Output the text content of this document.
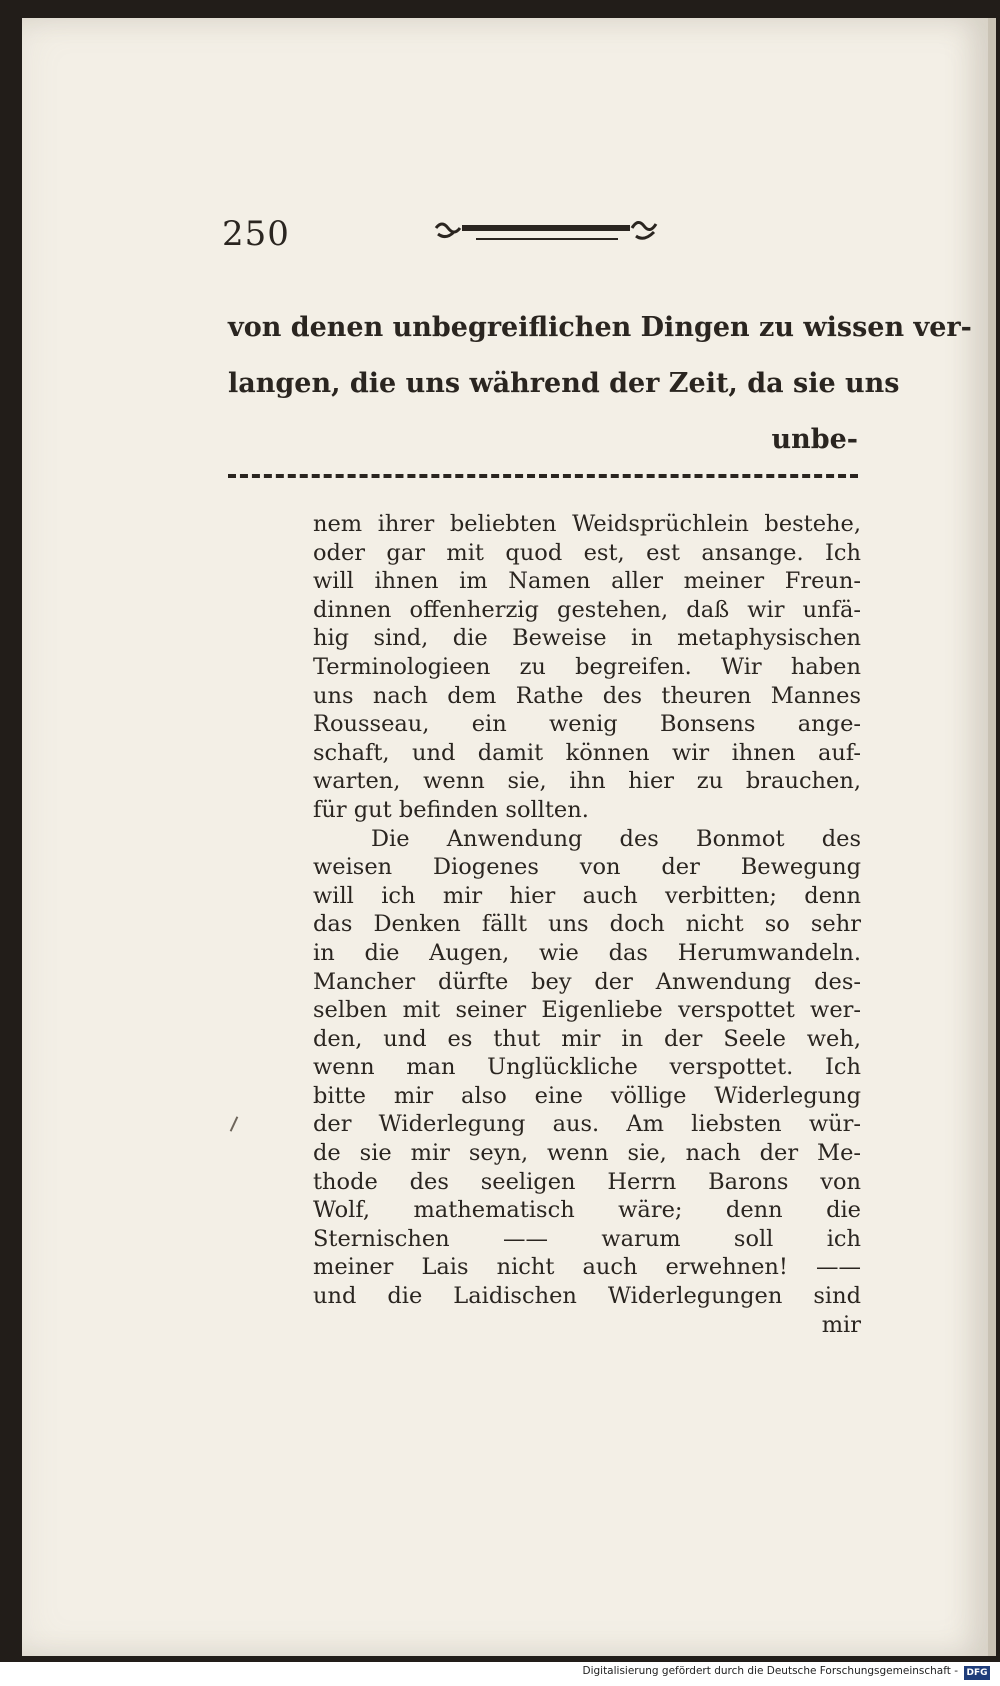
250
von denen unbegreiflichen Dingen zu wissen ver-
langen, die uns während der Zeit, da sie uns
unbe-
nem ihrer beliebten Weidsprüchlein bestehe,
oder gar mit quod est, est ansange. Ich
will ihnen im Namen aller meiner Freun-
dinnen offenherzig gestehen, daß wir unfä-
hig sind, die Beweise in metaphysischen
Terminologieen zu begreifen. Wir haben
uns nach dem Rathe des theuren Mannes
Rousseau, ein wenig Bonsens ange-
schaft, und damit können wir ihnen auf-
warten, wenn sie, ihn hier zu brauchen,
für gut befinden sollten.
Die Anwendung des Bonmot des
weisen Diogenes von der Bewegung
will ich mir hier auch verbitten; denn
das Denken fällt uns doch nicht so sehr
in die Augen, wie das Herumwandeln.
Mancher dürfte bey der Anwendung des-
selben mit seiner Eigenliebe verspottet wer-
den, und es thut mir in der Seele weh,
wenn man Unglückliche verspottet. Ich
bitte mir also eine völlige Widerlegung
der Widerlegung aus. Am liebsten wür-
de sie mir seyn, wenn sie, nach der Me-
thode des seeligen Herrn Barons von
Wolf, mathematisch wäre; denn die
Sternischen —— warum soll ich
meiner Lais nicht auch erwehnen! ——
und die Laidischen Widerlegungen sind
mir
Digitalisierung gefördert durch die Deutsche Forschungsgemeinschaft - DFG
